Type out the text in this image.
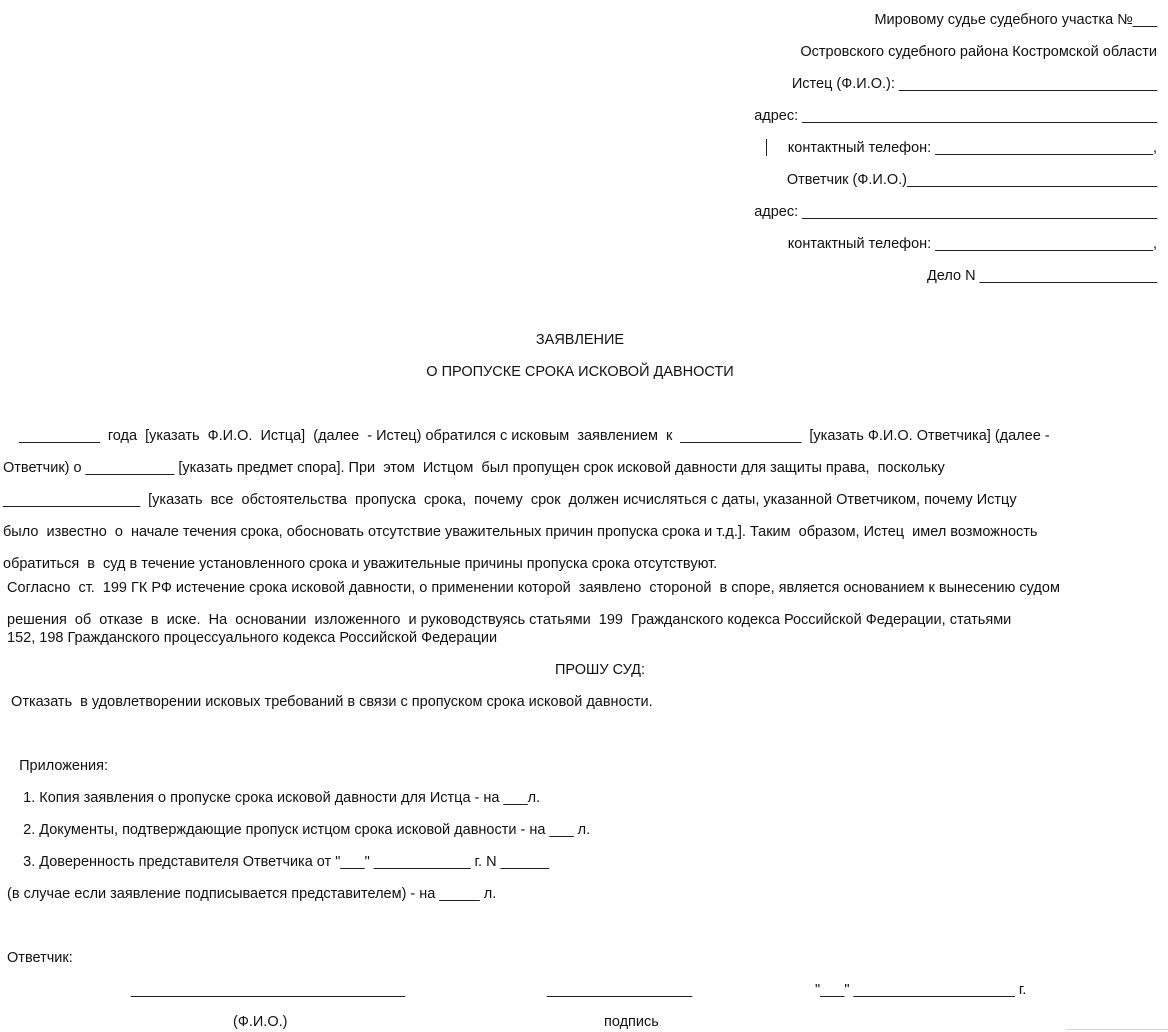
Мировому судье судебного участка №___

Островского судебного района Костромской области

Истец (Ф.И.О.): ________________________________

адрес: ____________________________________________

контактный телефон: ___________________________,

Ответчик (Ф.И.О.)_______________________________

адрес: ____________________________________________

контактный телефон: ___________________________,

Дело N ______________________

ЗАЯВЛЕНИЕ

О ПРОПУСКЕ СРОКА ИСКОВОЙ ДАВНОСТИ

__________  года  [указать  Ф.И.О.  Истца]  (далее  - Истец) обратился с исковым  заявлением  к  _______________  [указать Ф.И.О. Ответчика] (далее -

Ответчик) о ___________ [указать предмет спора]. При  этом  Истцом  был пропущен срок исковой давности для защиты права,  поскольку

_________________  [указать  все  обстоятельства  пропуска  срока,  почему  срок  должен исчисляться с даты, указанной Ответчиком, почему Истцу

было  известно  о  начале течения срока, обосновать отсутствие уважительных причин пропуска срока и т.д.]. Таким  образом, Истец  имел возможность

обратиться  в  суд в течение установленного срока и уважительные причины пропуска срока отсутствуют.

Согласно  ст.  199 ГК РФ истечение срока исковой давности, о применении которой  заявлено  стороной  в споре, является основанием к вынесению судом

решения  об  отказе  в  иске.  На  основании  изложенного  и руководствуясь статьями  199  Гражданского кодекса Российской Федерации, статьями

152, 198 Гражданского процессуального кодекса Российской Федерации

ПРОШУ СУД:

Отказать  в удовлетворении исковых требований в связи с пропуском срока исковой давности.

Приложения:

1. Копия заявления о пропуске срока исковой давности для Истца - на ___л.

2. Документы, подтверждающие пропуск истцом срока исковой давности - на ___ л.

3. Доверенность представителя Ответчика от "___" ____________ г. N ______

(в случае если заявление подписывается представителем) - на _____ л.

Ответчик:

__________________________________	__________________	"___" ____________________ г.

(Ф.И.О.)	подпись
